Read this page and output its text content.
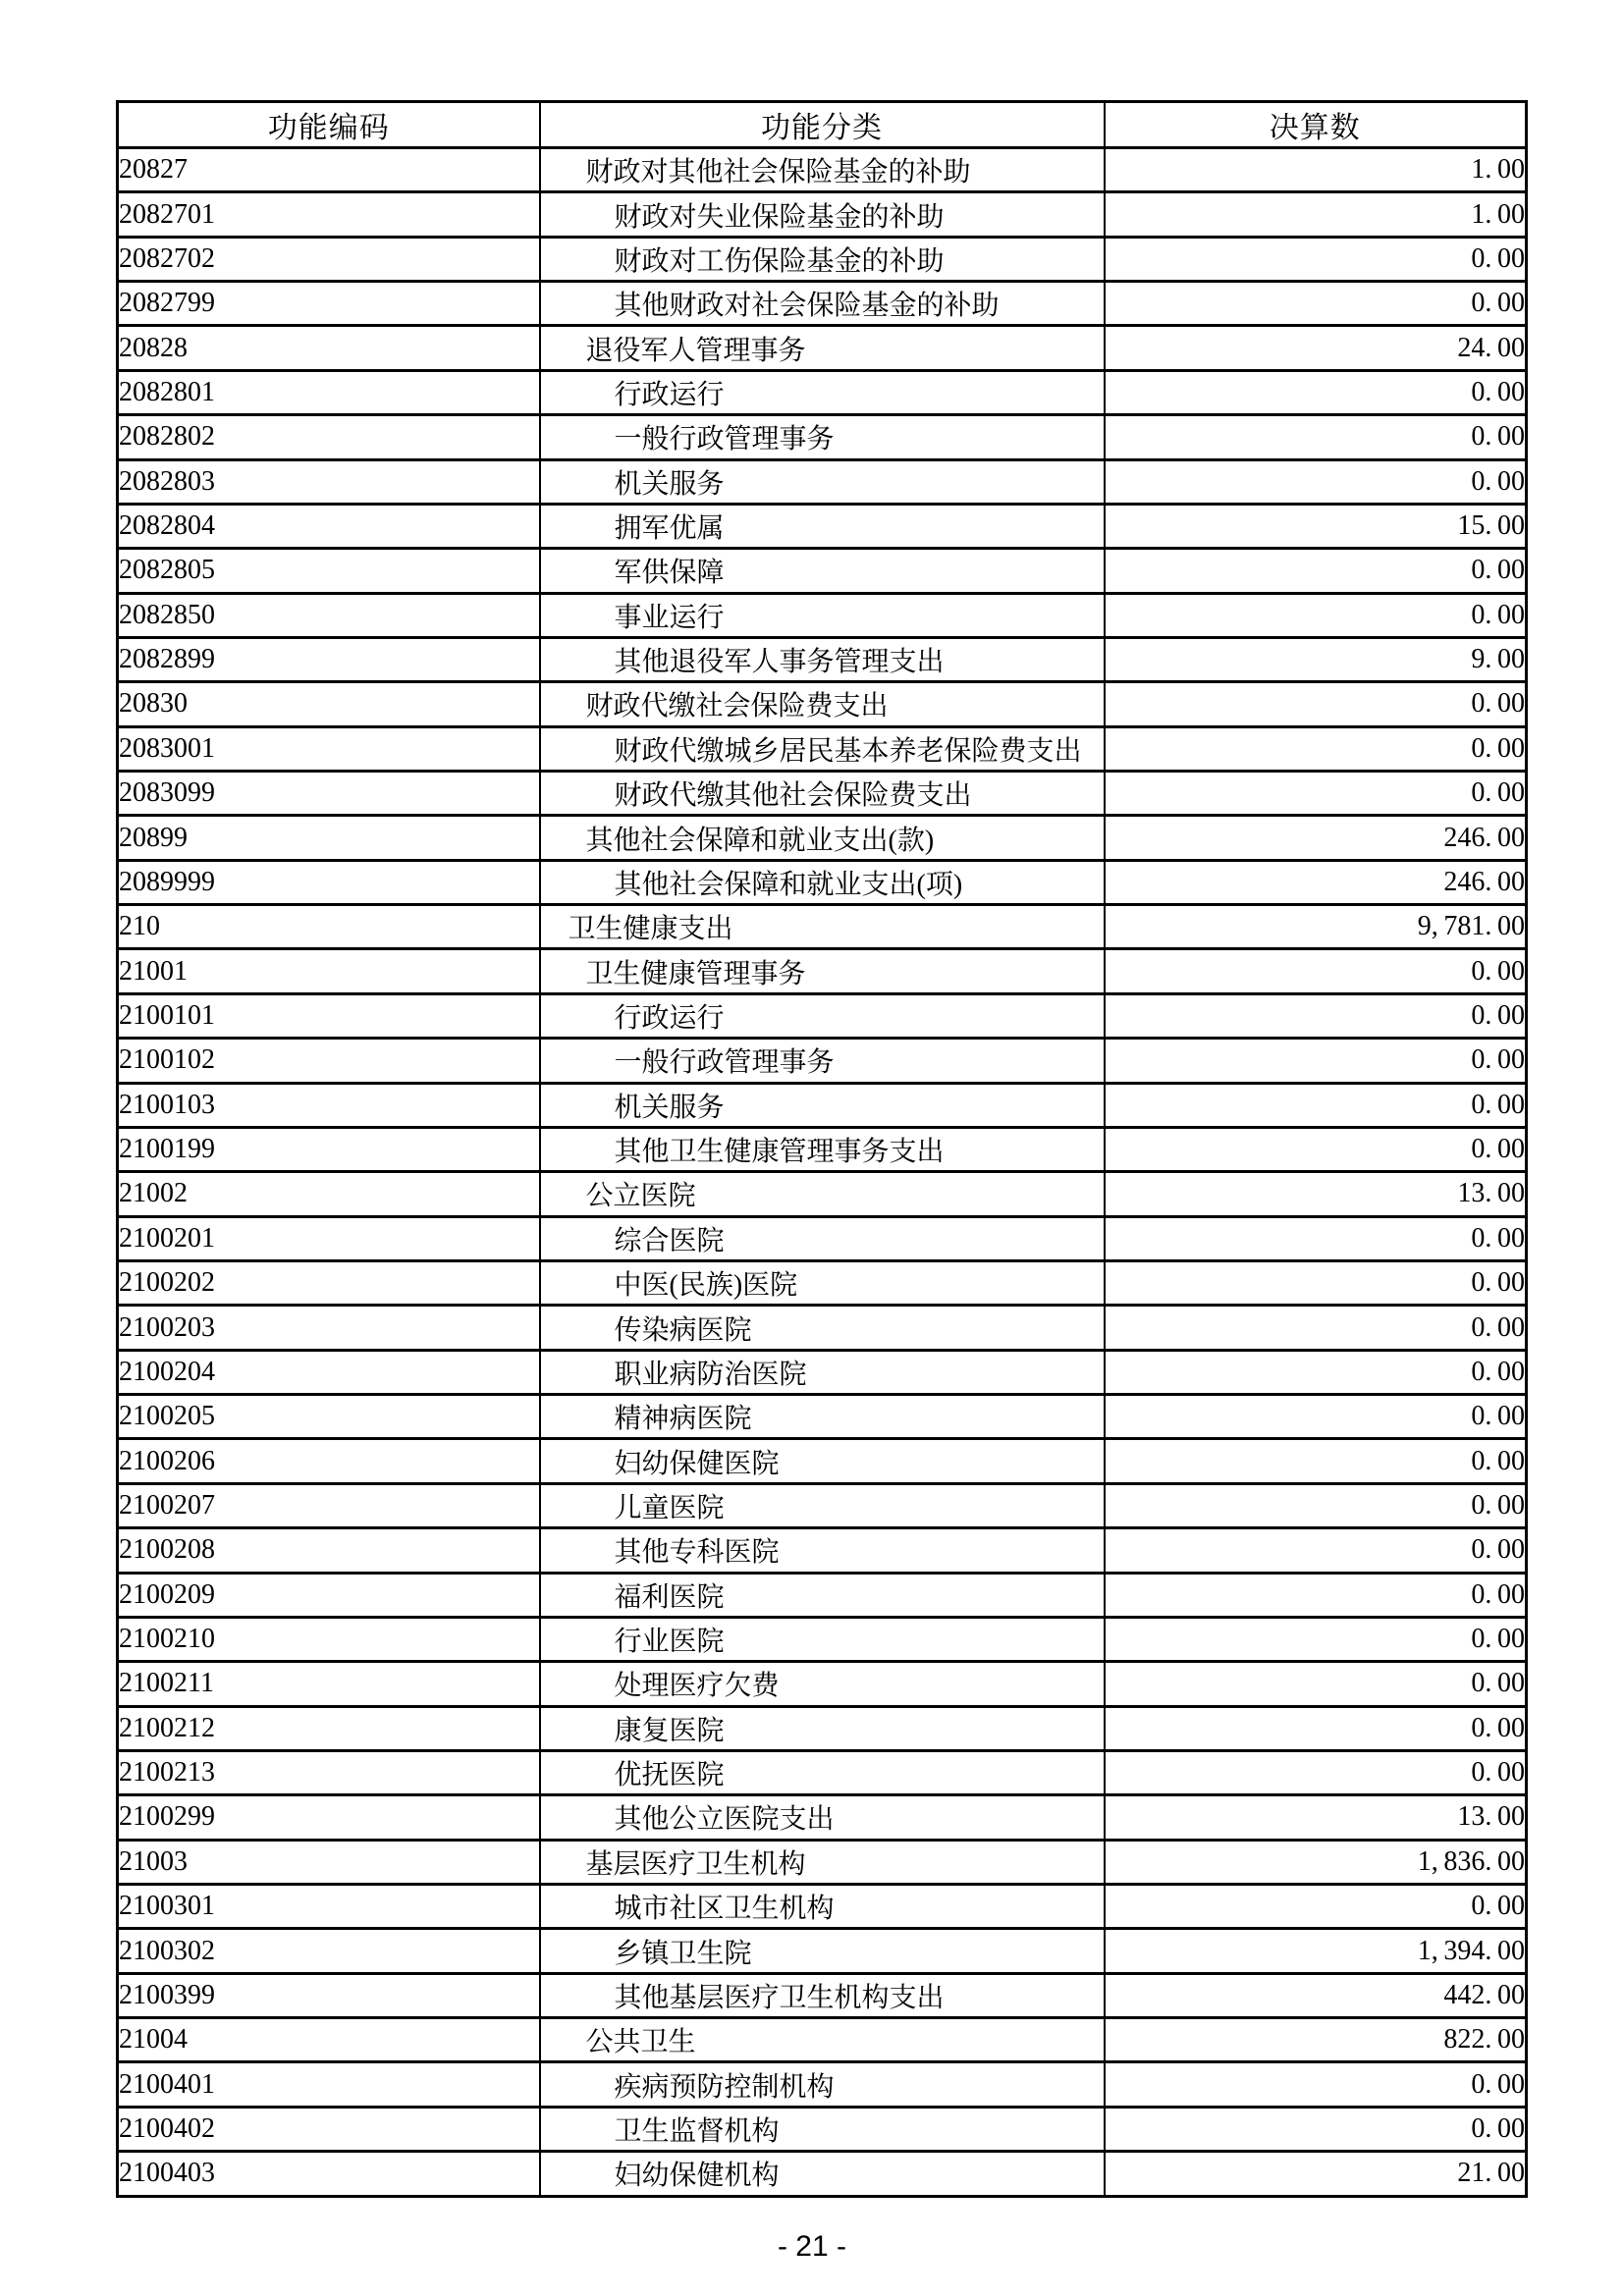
功能编码	功能分类	决算数
20827	财政对其他社会保险基金的补助	1. 00
2082701	财政对失业保险基金的补助	1. 00
2082702	财政对工伤保险基金的补助	0. 00
2082799	其他财政对社会保险基金的补助	0. 00
20828	退役军人管理事务	24. 00
2082801	行政运行	0. 00
2082802	一般行政管理事务	0. 00
2082803	机关服务	0. 00
2082804	拥军优属	15. 00
2082805	军供保障	0. 00
2082850	事业运行	0. 00
2082899	其他退役军人事务管理支出	9. 00
20830	财政代缴社会保险费支出	0. 00
2083001	财政代缴城乡居民基本养老保险费支出	0. 00
2083099	财政代缴其他社会保险费支出	0. 00
20899	其他社会保障和就业支出(款)	246. 00
2089999	其他社会保障和就业支出(项)	246. 00
210	卫生健康支出	9, 781. 00
21001	卫生健康管理事务	0. 00
2100101	行政运行	0. 00
2100102	一般行政管理事务	0. 00
2100103	机关服务	0. 00
2100199	其他卫生健康管理事务支出	0. 00
21002	公立医院	13. 00
2100201	综合医院	0. 00
2100202	中医(民族)医院	0. 00
2100203	传染病医院	0. 00
2100204	职业病防治医院	0. 00
2100205	精神病医院	0. 00
2100206	妇幼保健医院	0. 00
2100207	儿童医院	0. 00
2100208	其他专科医院	0. 00
2100209	福利医院	0. 00
2100210	行业医院	0. 00
2100211	处理医疗欠费	0. 00
2100212	康复医院	0. 00
2100213	优抚医院	0. 00
2100299	其他公立医院支出	13. 00
21003	基层医疗卫生机构	1, 836. 00
2100301	城市社区卫生机构	0. 00
2100302	乡镇卫生院	1, 394. 00
2100399	其他基层医疗卫生机构支出	442. 00
21004	公共卫生	822. 00
2100401	疾病预防控制机构	0. 00
2100402	卫生监督机构	0. 00
2100403	妇幼保健机构	21. 00
- 21 -
